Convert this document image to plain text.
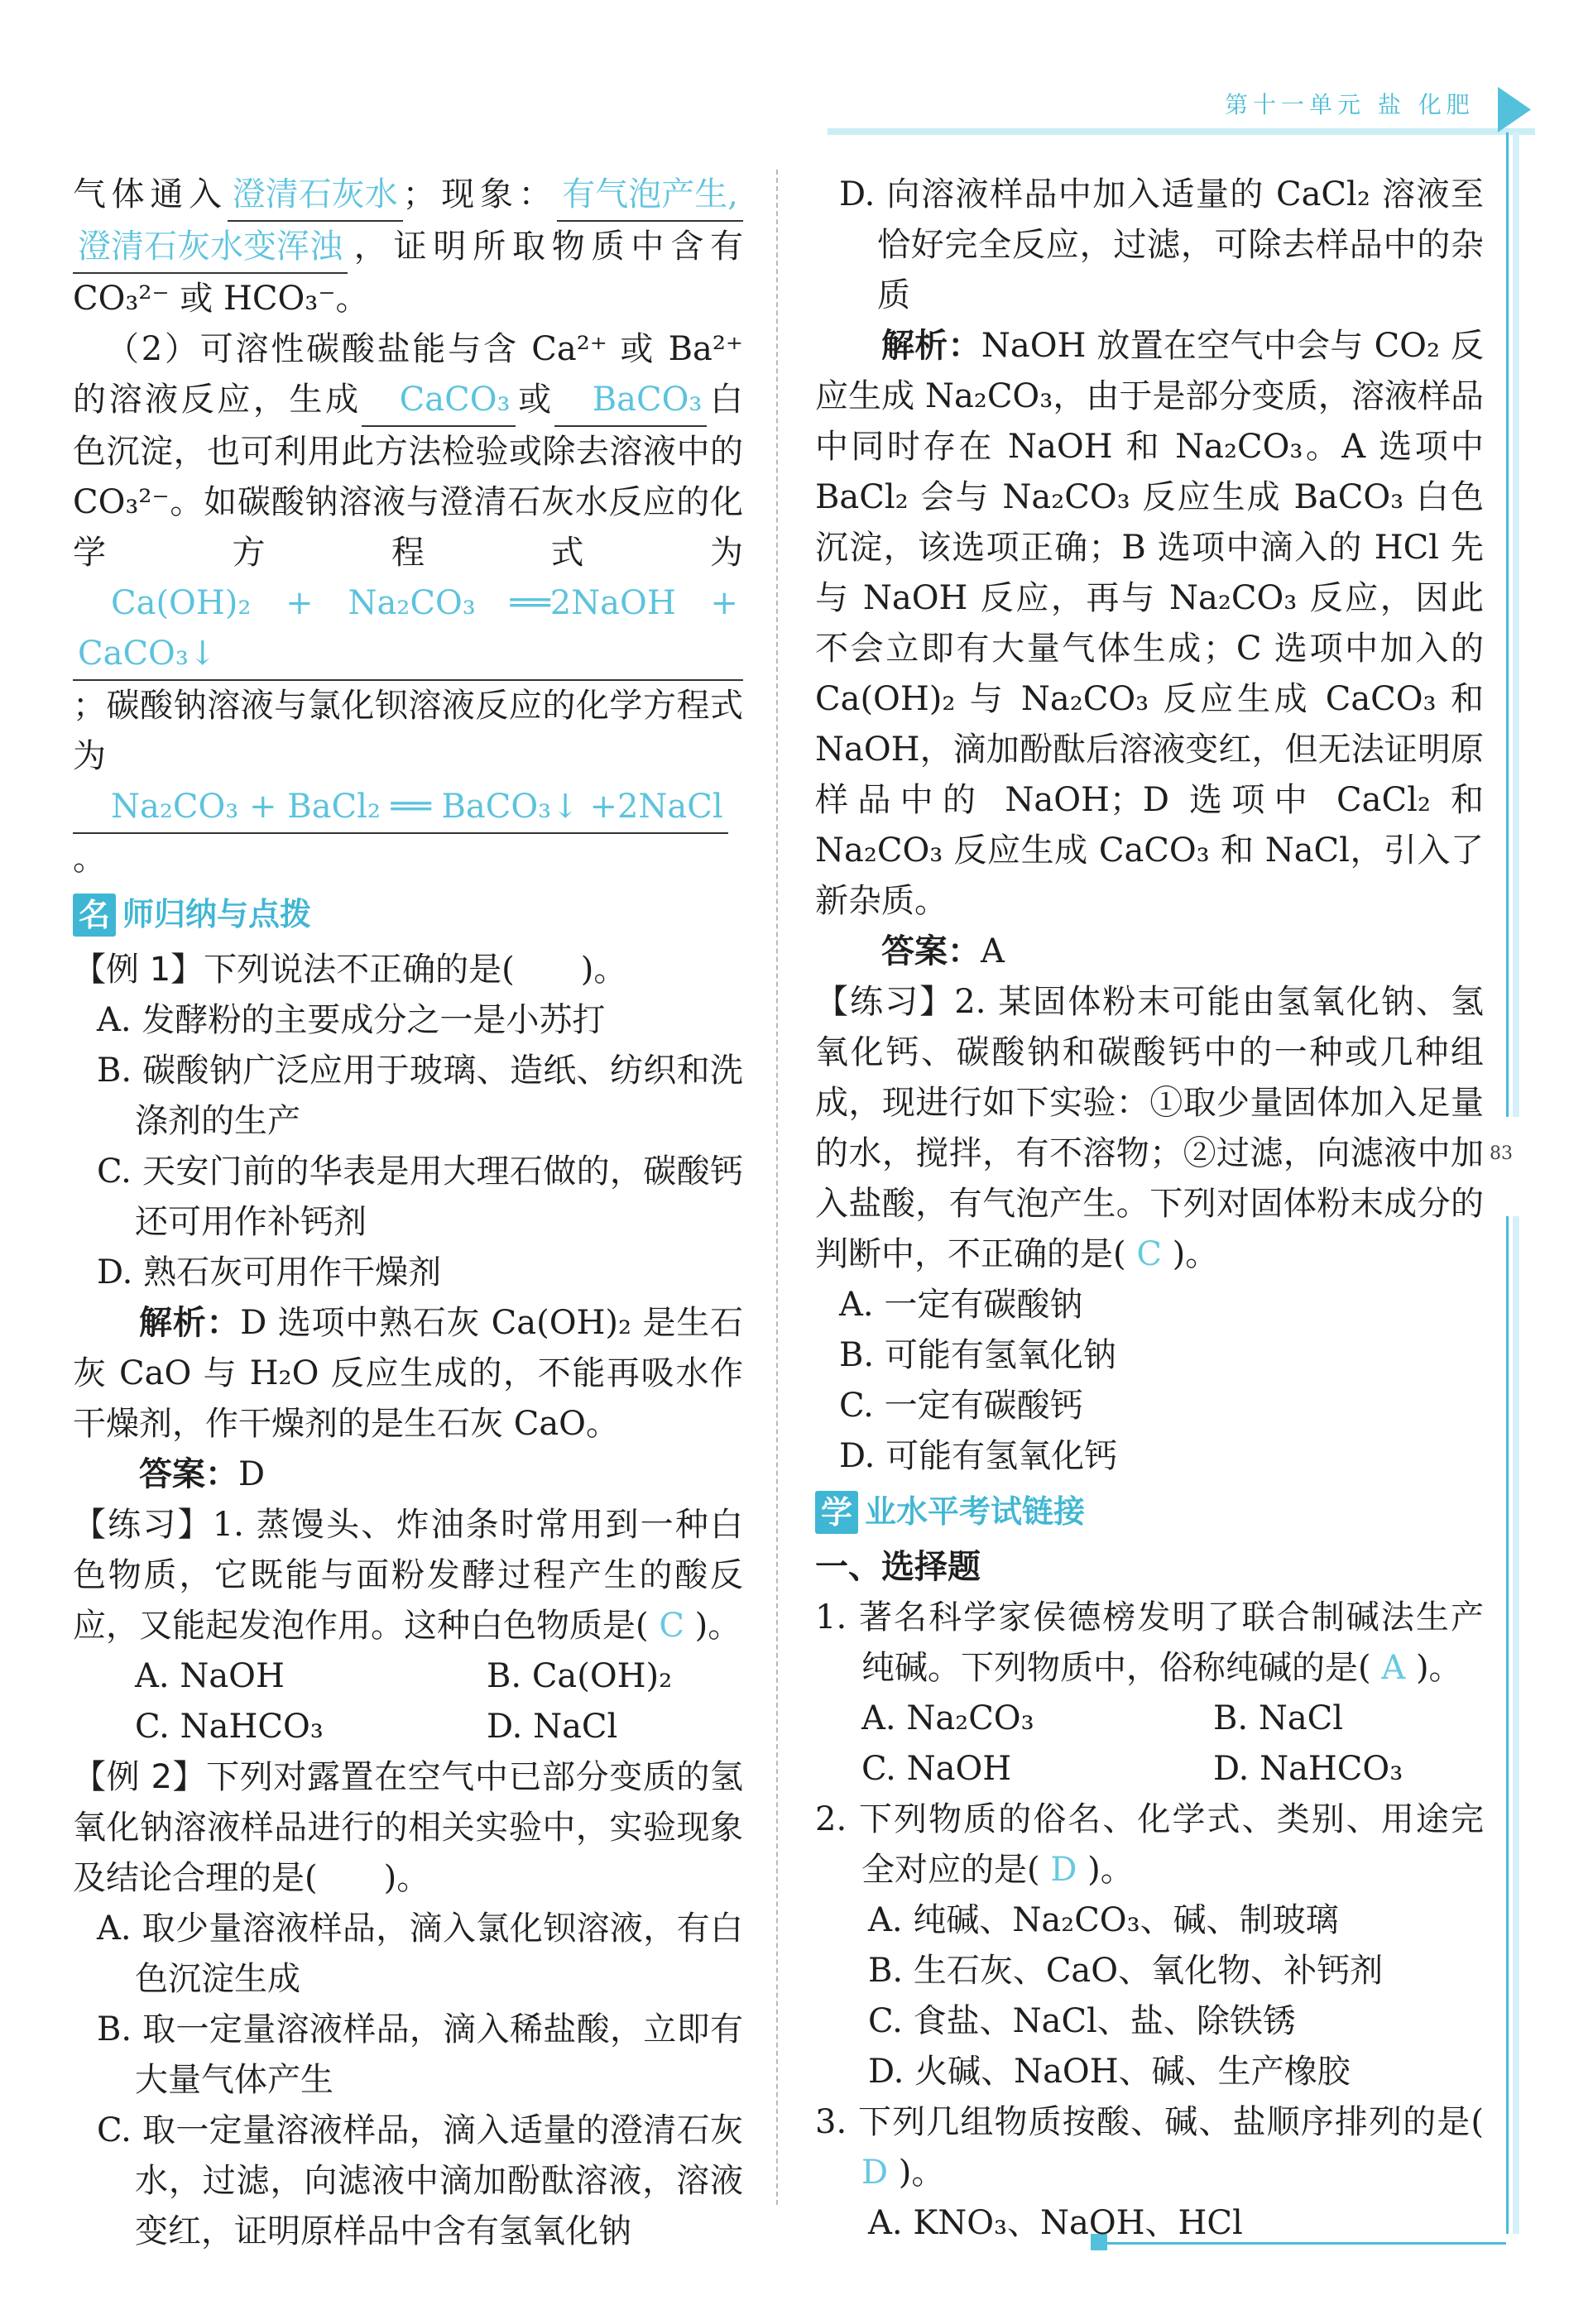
第十一单元 盐 化肥
83

气体通入 澄清石灰水 ；现象： 有气泡产生, 澄清石灰水变浑浊 ，证明所取物质中含有 CO₃²⁻ 或 HCO₃⁻。

（2）可溶性碳酸盐能与含 Ca²⁺ 或 Ba²⁺ 的溶液反应，生成 CaCO₃ 或 BaCO₃ 白色沉淀，也可利用此方法检验或除去溶液中的 CO₃²⁻。如碳酸钠溶液与澄清石灰水反应的化学方程式为Ca(OH)₂ + Na₂CO₃ ══2NaOH + CaCO₃↓；碳酸钠溶液与氯化钡溶液反应的化学方程式为Na₂CO₃ + BaCl₂ ══ BaCO₃↓ +2NaCl。

名 师归纳与点拨

【例 1】下列说法不正确的是(　　)。

A. 发酵粉的主要成分之一是小苏打

B. 碳酸钠广泛应用于玻璃、造纸、纺织和洗涤剂的生产

C. 天安门前的华表是用大理石做的，碳酸钙还可用作补钙剂

D. 熟石灰可用作干燥剂

解析：D 选项中熟石灰 Ca(OH)₂ 是生石灰 CaO 与 H₂O 反应生成的，不能再吸水作干燥剂，作干燥剂的是生石灰 CaO。

答案：D

【练习】1. 蒸馒头、炸油条时常用到一种白色物质，它既能与面粉发酵过程产生的酸反应，又能起发泡作用。这种白色物质是( C )。

A. NaOH	B. Ca(OH)₂
C. NaHCO₃	D. NaCl

【例 2】下列对露置在空气中已部分变质的氢氧化钠溶液样品进行的相关实验中，实验现象及结论合理的是(　　)。

A. 取少量溶液样品，滴入氯化钡溶液，有白色沉淀生成

B. 取一定量溶液样品，滴入稀盐酸，立即有大量气体产生

C. 取一定量溶液样品，滴入适量的澄清石灰水，过滤，向滤液中滴加酚酞溶液，溶液变红，证明原样品中含有氢氧化钠

D. 向溶液样品中加入适量的 CaCl₂ 溶液至恰好完全反应，过滤，可除去样品中的杂质

解析：NaOH 放置在空气中会与 CO₂ 反应生成 Na₂CO₃，由于是部分变质，溶液样品中同时存在 NaOH 和 Na₂CO₃。A 选项中 BaCl₂ 会与 Na₂CO₃ 反应生成 BaCO₃ 白色沉淀，该选项正确；B 选项中滴入的 HCl 先与 NaOH 反应，再与 Na₂CO₃ 反应，因此不会立即有大量气体生成；C 选项中加入的 Ca(OH)₂ 与 Na₂CO₃ 反应生成 CaCO₃ 和 NaOH，滴加酚酞后溶液变红，但无法证明原样品中的 NaOH；D 选项中 CaCl₂ 和 Na₂CO₃ 反应生成 CaCO₃ 和 NaCl，引入了新杂质。

答案：A

【练习】2. 某固体粉末可能由氢氧化钠、氢氧化钙、碳酸钠和碳酸钙中的一种或几种组成，现进行如下实验：①取少量固体加入足量的水，搅拌，有不溶物；②过滤，向滤液中加入盐酸，有气泡产生。下列对固体粉末成分的判断中，不正确的是( C )。

A. 一定有碳酸钠

B. 可能有氢氧化钠

C. 一定有碳酸钙

D. 可能有氢氧化钙

学 业水平考试链接

一、选择题

1. 著名科学家侯德榜发明了联合制碱法生产纯碱。下列物质中，俗称纯碱的是( A )。

A. Na₂CO₃	B. NaCl
C. NaOH	D. NaHCO₃

2. 下列物质的俗名、化学式、类别、用途完全对应的是( D )。

A. 纯碱、Na₂CO₃、碱、制玻璃

B. 生石灰、CaO、氧化物、补钙剂

C. 食盐、NaCl、盐、除铁锈

D. 火碱、NaOH、碱、生产橡胶

3. 下列几组物质按酸、碱、盐顺序排列的是( D )。

A. KNO₃、NaOH、HCl
